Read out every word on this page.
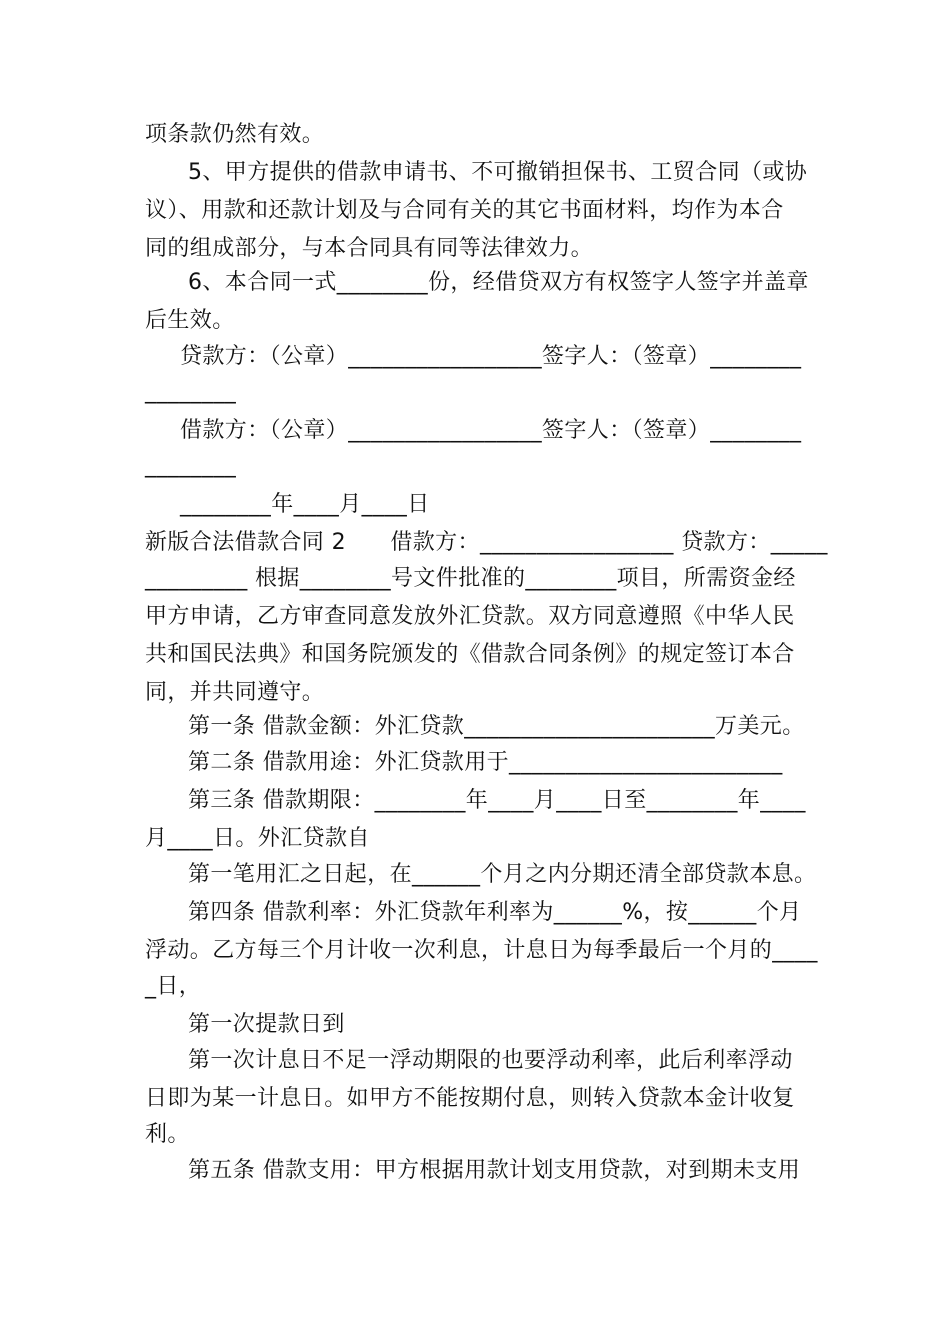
项条款仍然有效。
5、甲方提供的借款申请书、不可撤销担保书、工贸合同（或协
议）、用款和还款计划及与合同有关的其它书面材料，均作为本合
同的组成部分，与本合同具有同等法律效力。
6、本合同一式________份，经借贷双方有权签字人签字并盖章
后生效。
贷款方：（公章）_________________签字人：（签章）________
________
借款方：（公章）_________________签字人：（签章）________
________
________年____月____日
新版合法借款合同 2      借款方：_________________ 贷款方：_____
_________ 根据________号文件批准的________项目，所需资金经
甲方申请，乙方审查同意发放外汇贷款。双方同意遵照《中华人民
共和国民法典》和国务院颁发的《借款合同条例》的规定签订本合
同，并共同遵守。
第一条 借款金额：外汇贷款______________________万美元。
第二条 借款用途：外汇贷款用于________________________
第三条 借款期限：________年____月____日至________年____
月____日。外汇贷款自
第一笔用汇之日起，在______个月之内分期还清全部贷款本息。
第四条 借款利率：外汇贷款年利率为______%，按______个月
浮动。乙方每三个月计收一次利息，计息日为每季最后一个月的____
_日，
第一次提款日到
第一次计息日不足一浮动期限的也要浮动利率，此后利率浮动
日即为某一计息日。如甲方不能按期付息，则转入贷款本金计收复
利。
第五条 借款支用：甲方根据用款计划支用贷款，对到期未支用
